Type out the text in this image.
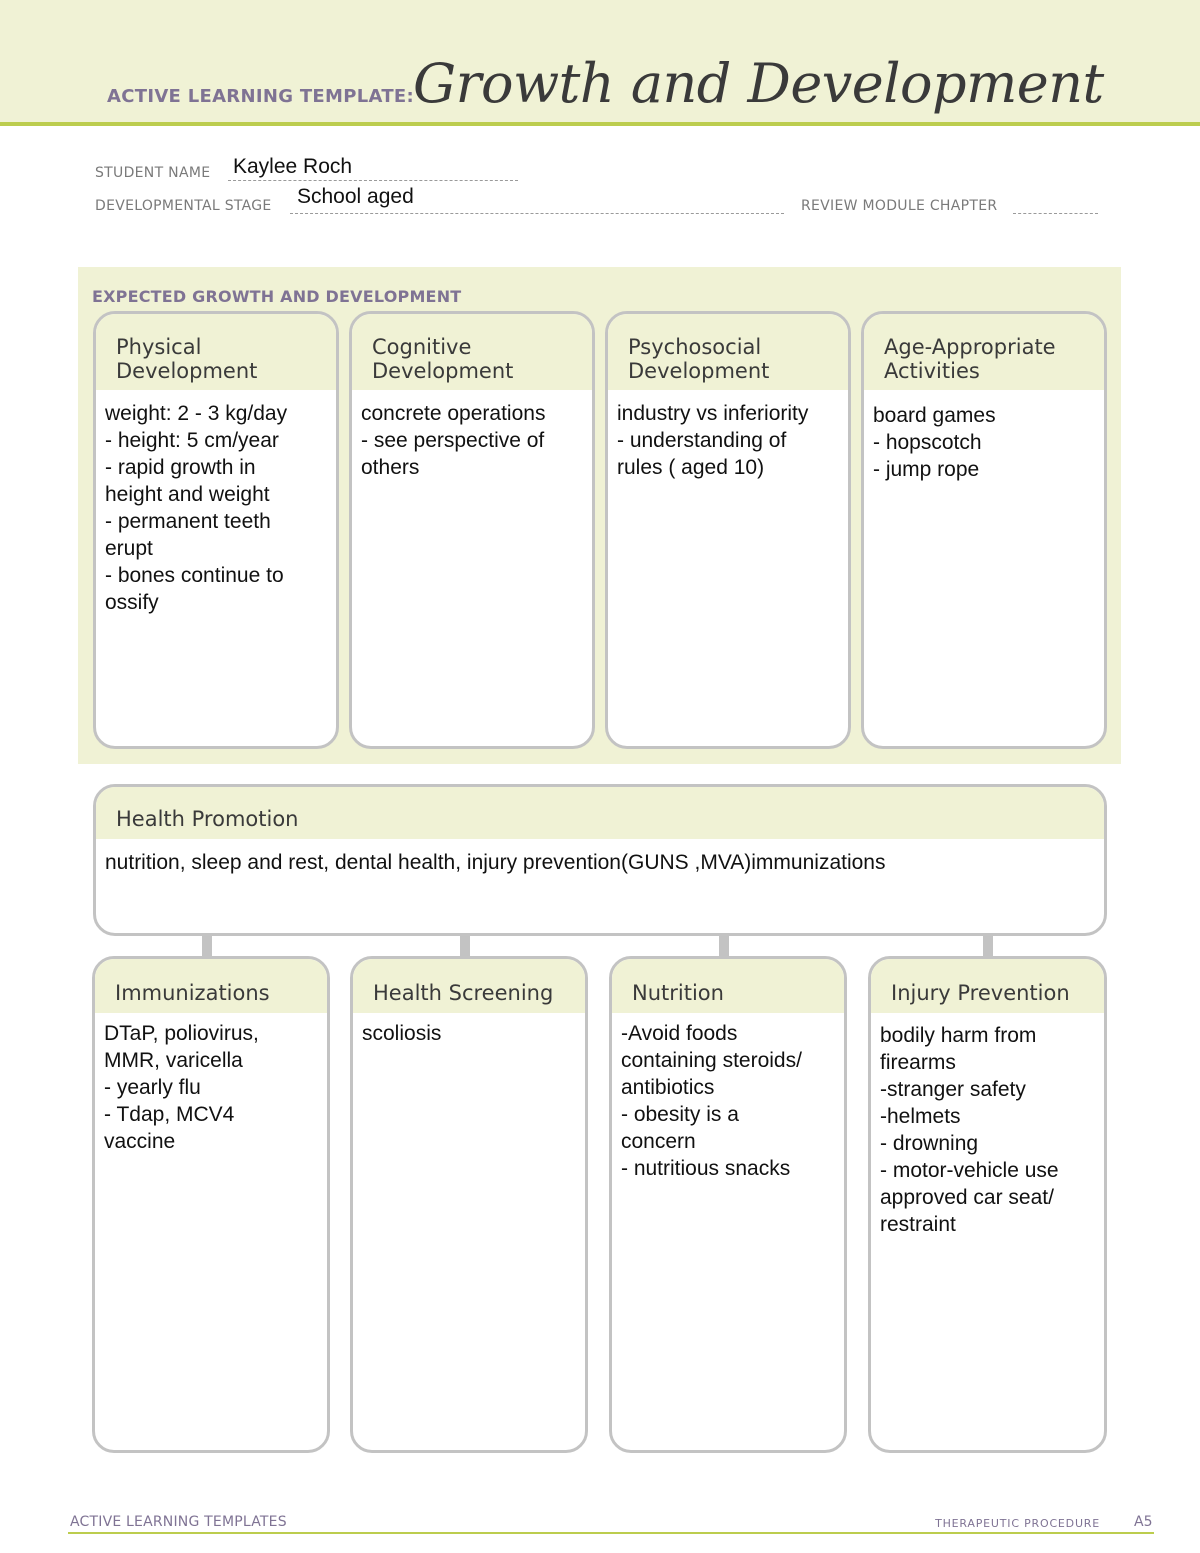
ACTIVE LEARNING TEMPLATE: Growth and Development
STUDENT NAME Kaylee Roch
DEVELOPMENTAL STAGE School aged	REVIEW MODULE CHAPTER
EXPECTED GROWTH AND DEVELOPMENT
Physical
Development
weight: 2 - 3 kg/day
- height: 5 cm/year
- rapid growth in
height and weight
- permanent teeth
erupt
- bones continue to
ossify
Cognitive
Development
concrete operations
- see perspective of
others
Psychosocial
Development
industry vs inferiority
- understanding of
rules ( aged 10)
Age-Appropriate
Activities
board games
- hopscotch
- jump rope
Health Promotion
nutrition, sleep and rest, dental health, injury prevention(GUNS ,MVA)immunizations
Immunizations
DTaP, poliovirus,
MMR, varicella
- yearly flu
- Tdap, MCV4
vaccine
Health Screening
scoliosis
Nutrition
-Avoid foods
containing steroids/
antibiotics
- obesity is a
concern
- nutritious snacks
Injury Prevention
bodily harm from
firearms
-stranger safety
-helmets
- drowning
- motor-vehicle use
approved car seat/
restraint
ACTIVE LEARNING TEMPLATES	THERAPEUTIC PROCEDURE A5
